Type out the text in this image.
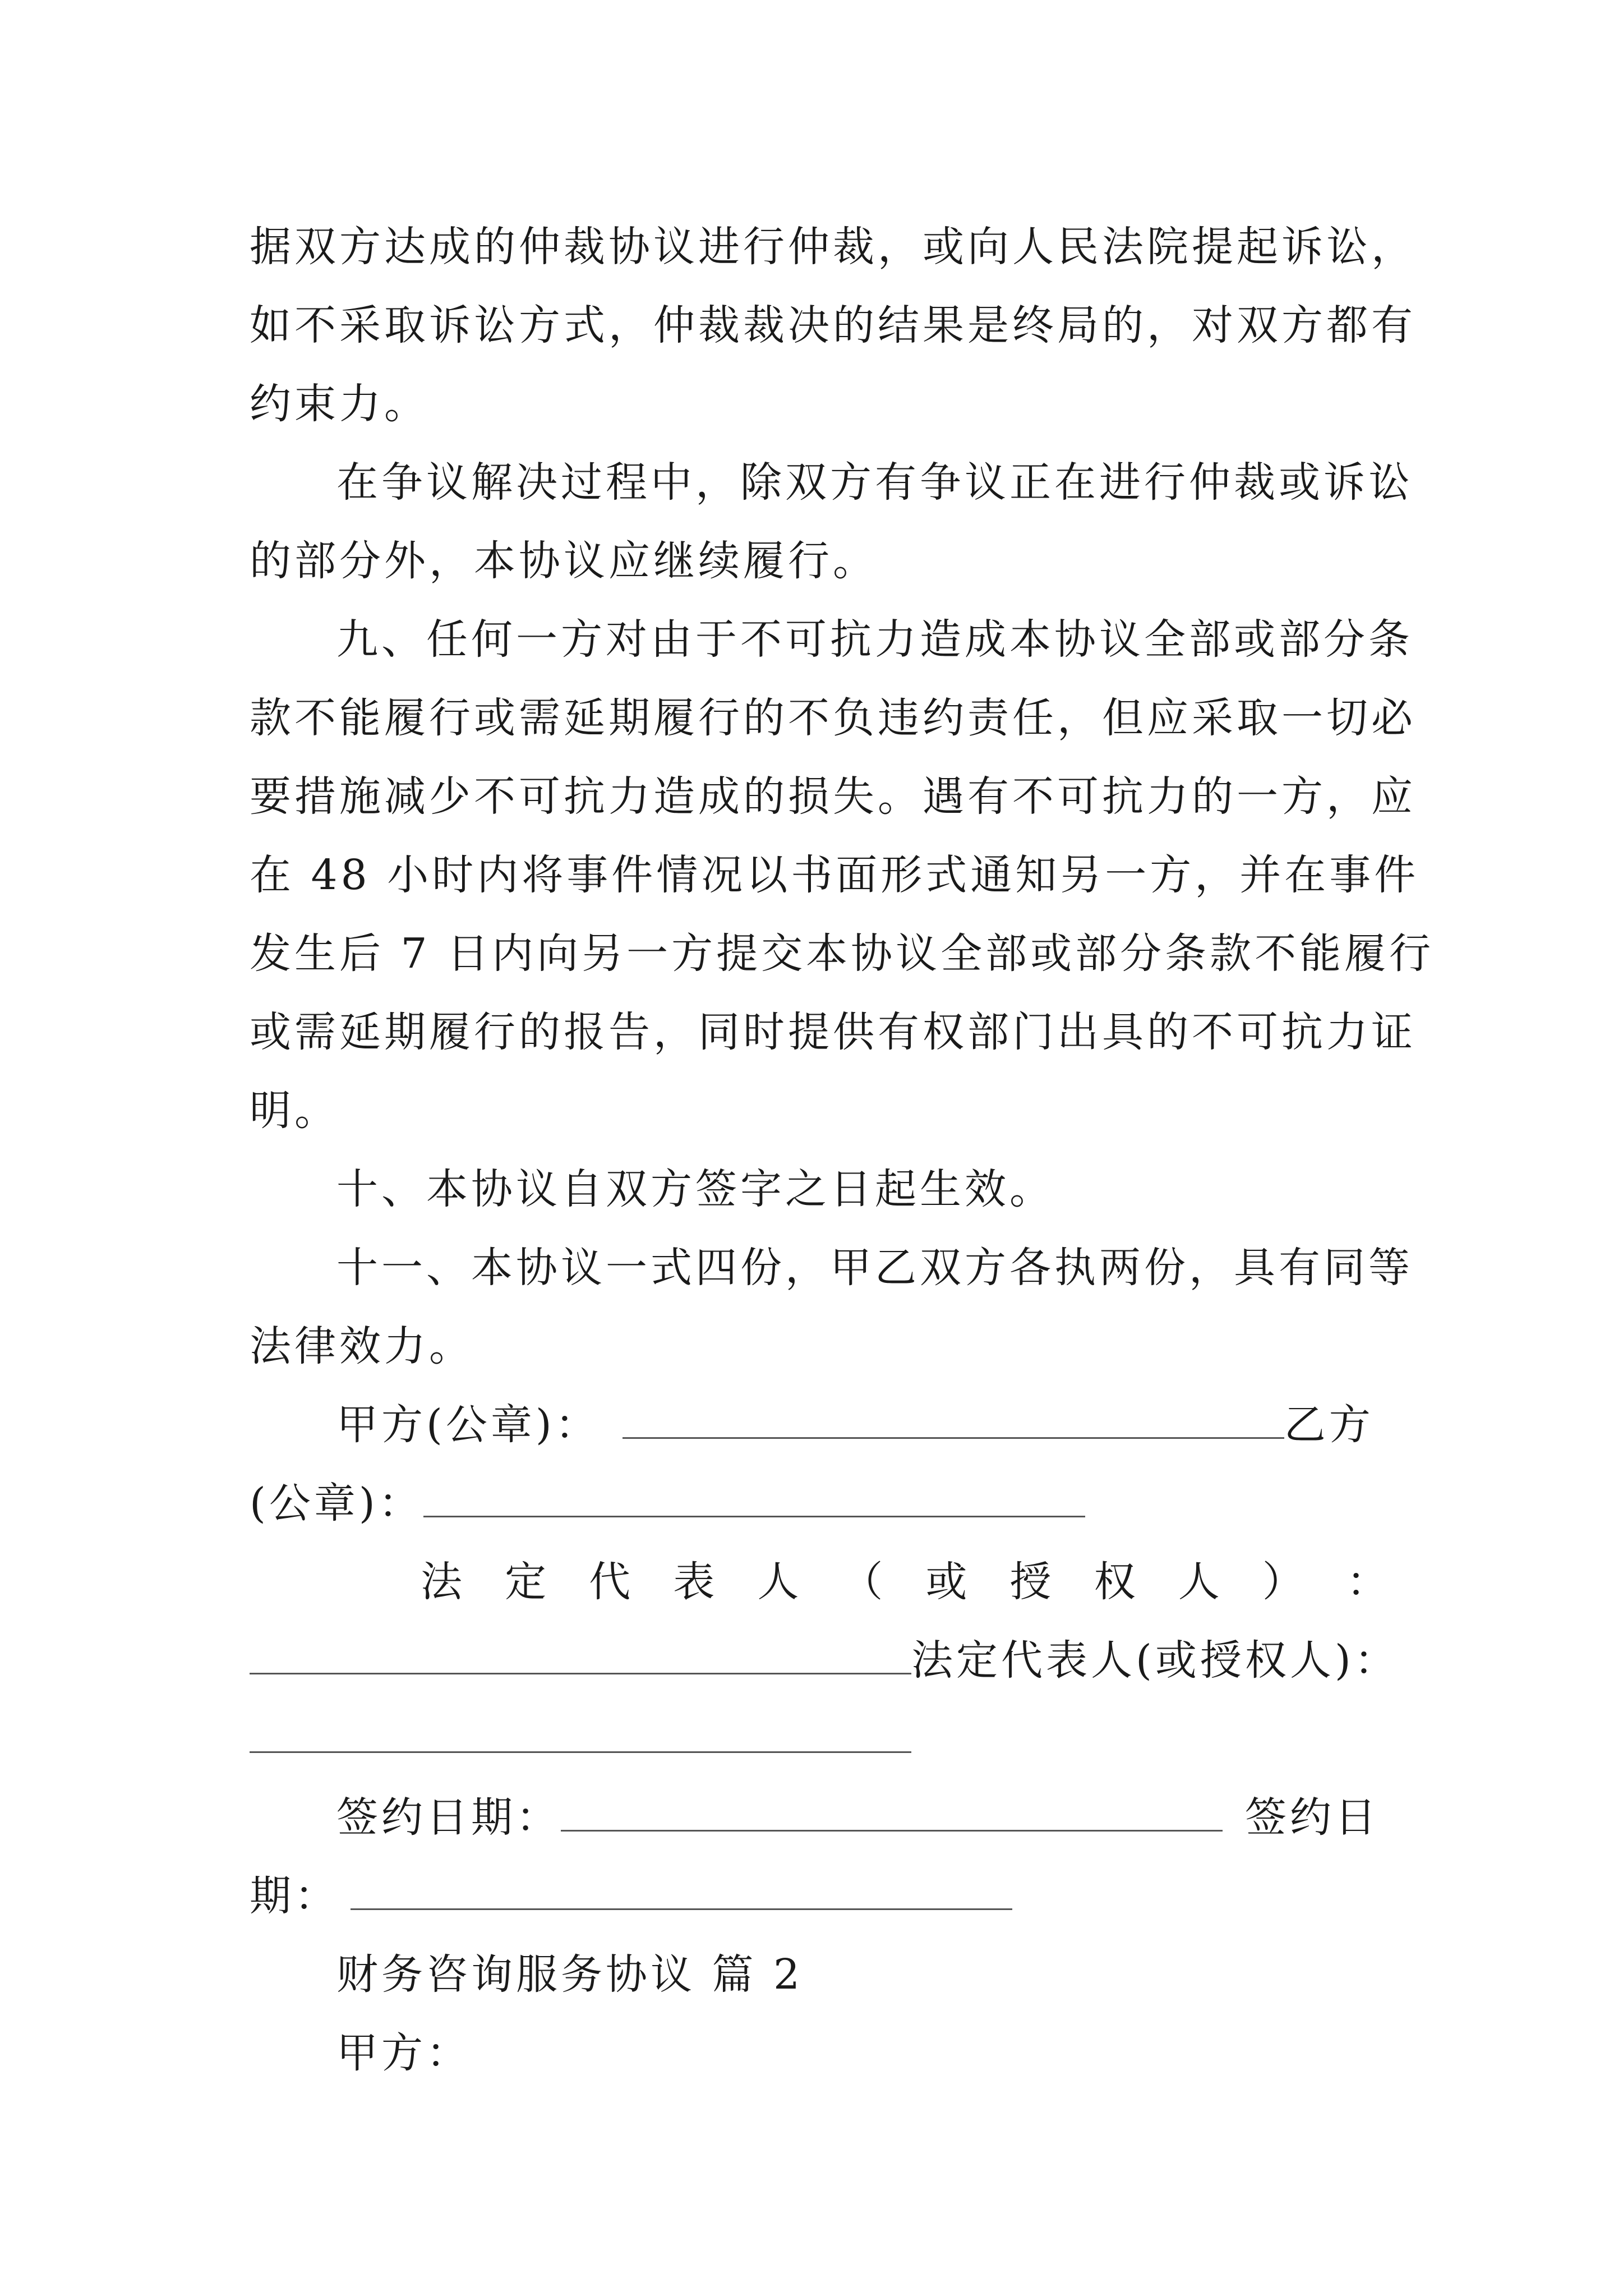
据双方达成的仲裁协议进行仲裁，或向人民法院提起诉讼，
如不采取诉讼方式，仲裁裁决的结果是终局的，对双方都有
约束力。
在争议解决过程中，除双方有争议正在进行仲裁或诉讼
的部分外，本协议应继续履行。
九、任何一方对由于不可抗力造成本协议全部或部分条
款不能履行或需延期履行的不负违约责任，但应采取一切必
要措施减少不可抗力造成的损失。遇有不可抗力的一方，应
在 48 小时内将事件情况以书面形式通知另一方，并在事件
发生后 7 日内向另一方提交本协议全部或部分条款不能履行
或需延期履行的报告，同时提供有权部门出具的不可抗力证
明。
十、本协议自双方签字之日起生效。
十一、本协议一式四份，甲乙双方各执两份，具有同等
法律效力。
甲方(公章)：	乙方
(公章)：
法 定 代 表 人 （ 或 授 权 人 ） ：
法定代表人(或授权人)：
签约日期：	签约日
期：
财务咨询服务协议 篇 2
甲方：
